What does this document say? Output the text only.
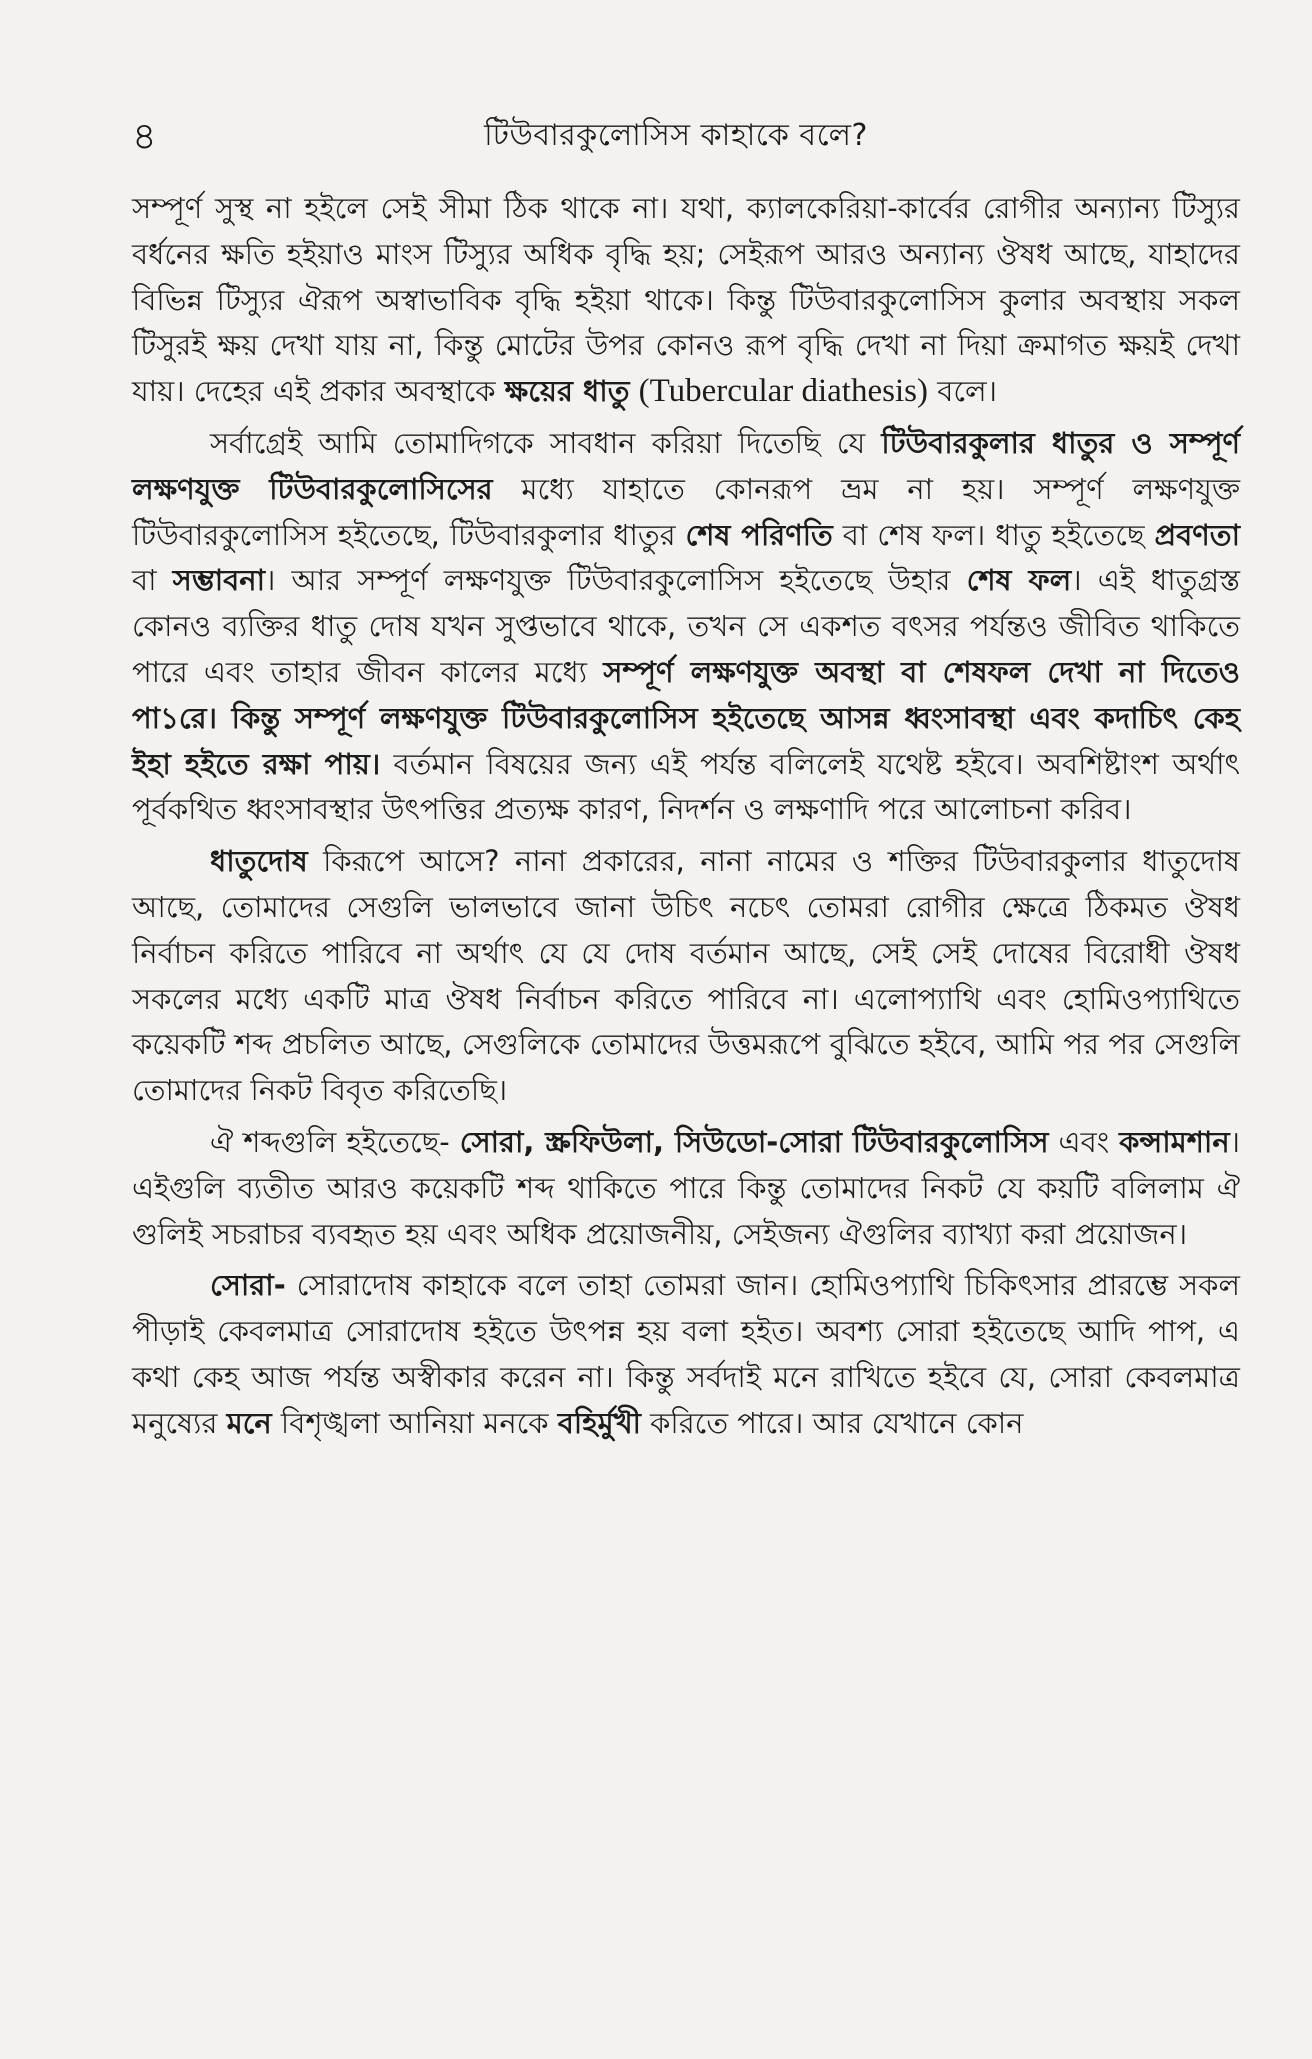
৪	টিউবারকুলোসিস কাহাকে বলে?

সম্পূর্ণ সুস্থ না হইলে সেই সীমা ঠিক থাকে না। যথা, ক্যালকেরিয়া-কার্বের রোগীর অন্যান্য টিস্যুর বর্ধনের ক্ষতি হইয়াও মাংস টিস্যুর অধিক বৃদ্ধি হয়; সেইরূপ আরও অন্যান্য ঔষধ আছে, যাহাদের বিভিন্ন টিস্যুর ঐরূপ অস্বাভাবিক বৃদ্ধি হইয়া থাকে। কিন্তু টিউবারকুলোসিস কুলার অবস্থায় সকল টিসুরই ক্ষয় দেখা যায় না, কিন্তু মোটের উপর কোনও রূপ বৃদ্ধি দেখা না দিয়া ক্রমাগত ক্ষয়ই দেখা যায়। দেহের এই প্রকার অবস্থাকে ক্ষয়ের ধাতু (Tubercular diathesis) বলে।

সর্বাগ্রেই আমি তোমাদিগকে সাবধান করিয়া দিতেছি যে টিউবারকুলার ধাতুর ও সম্পূর্ণ লক্ষণযুক্ত টিউবারকুলোসিসের মধ্যে যাহাতে কোনরূপ ভ্রম না হয়। সম্পূর্ণ লক্ষণযুক্ত টিউবারকুলোসিস হইতেছে, টিউবারকুলার ধাতুর শেষ পরিণতি বা শেষ ফল। ধাতু হইতেছে প্রবণতা বা সম্ভাবনা। আর সম্পূর্ণ লক্ষণযুক্ত টিউবারকুলোসিস হইতেছে উহার শেষ ফল। এই ধাতুগ্রস্ত কোনও ব্যক্তির ধাতু দোষ যখন সুপ্তভাবে থাকে, তখন সে একশত বৎসর পর্যন্তও জীবিত থাকিতে পারে এবং তাহার জীবন কালের মধ্যে সম্পূর্ণ লক্ষণযুক্ত অবস্থা বা শেষফল দেখা না দিতেও পা১রে। কিন্তু সম্পূর্ণ লক্ষণযুক্ত টিউবারকুলোসিস হইতেছে আসন্ন ধ্বংসাবস্থা এবং কদাচিৎ কেহ ইহা হইতে রক্ষা পায়। বর্তমান বিষয়ের জন্য এই পর্যন্ত বলিলেই যথেষ্ট হইবে। অবশিষ্টাংশ অর্থাৎ পূর্বকথিত ধ্বংসাবস্থার উৎপত্তির প্রত্যক্ষ কারণ, নিদর্শন ও লক্ষণাদি পরে আলোচনা করিব।

ধাতুদোষ কিরূপে আসে? নানা প্রকারের, নানা নামের ও শক্তির টিউবারকুলার ধাতুদোষ আছে, তোমাদের সেগুলি ভালভাবে জানা উচিৎ নচেৎ তোমরা রোগীর ক্ষেত্রে ঠিকমত ঔষধ নির্বাচন করিতে পারিবে না অর্থাৎ যে যে দোষ বর্তমান আছে, সেই সেই দোষের বিরোধী ঔষধ সকলের মধ্যে একটি মাত্র ঔষধ নির্বাচন করিতে পারিবে না। এলোপ্যাথি এবং হোমিওপ্যাথিতে কয়েকটি শব্দ প্রচলিত আছে, সেগুলিকে তোমাদের উত্তমরূপে বুঝিতে হইবে, আমি পর পর সেগুলি তোমাদের নিকট বিবৃত করিতেছি।

ঐ শব্দগুলি হইতেছে- সোরা, স্ক্রফিউলা, সিউডো-সোরা টিউবারকুলোসিস এবং কন্সামশান। এইগুলি ব্যতীত আরও কয়েকটি শব্দ থাকিতে পারে কিন্তু তোমাদের নিকট যে কয়টি বলিলাম ঐ গুলিই সচরাচর ব্যবহৃত হয় এবং অধিক প্রয়োজনীয়, সেইজন্য ঐগুলির ব্যাখ্যা করা প্রয়োজন।

সোরা- সোরাদোষ কাহাকে বলে তাহা তোমরা জান। হোমিওপ্যাথি চিকিৎসার প্রারম্ভে সকল পীড়াই কেবলমাত্র সোরাদোষ হইতে উৎপন্ন হয় বলা হইত। অবশ্য সোরা হইতেছে আদি পাপ, এ কথা কেহ আজ পর্যন্ত অস্বীকার করেন না। কিন্তু সর্বদাই মনে রাখিতে হইবে যে, সোরা কেবলমাত্র মনুষ্যের মনে বিশৃঙ্খলা আনিয়া মনকে বহির্মুখী করিতে পারে। আর যেখানে কোন
